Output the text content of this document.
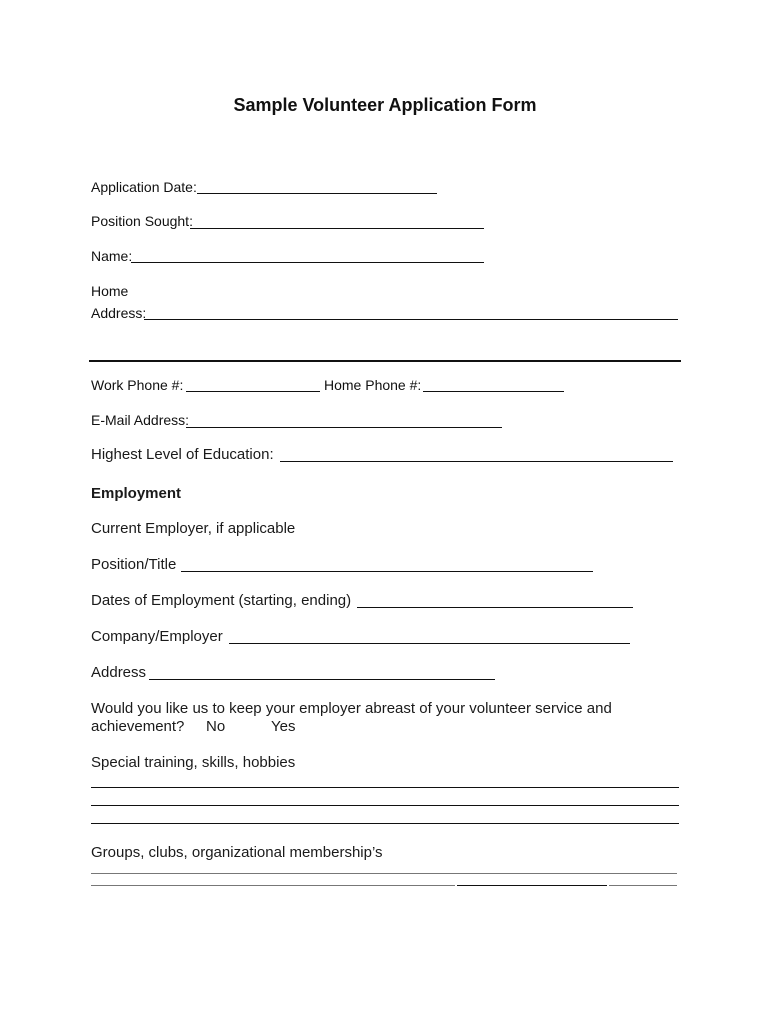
Sample Volunteer Application Form
Application Date:
Position Sought:
Name:
Home
Address:
Work Phone #:	Home Phone #:
E-Mail Address:
Highest Level of Education:
Employment
Current Employer, if applicable
Position/Title
Dates of Employment (starting, ending)
Company/Employer
Address
Would you like us to keep your employer abreast of your volunteer service and
achievement? No	Yes
Special training, skills, hobbies
Groups, clubs, organizational membership’s
